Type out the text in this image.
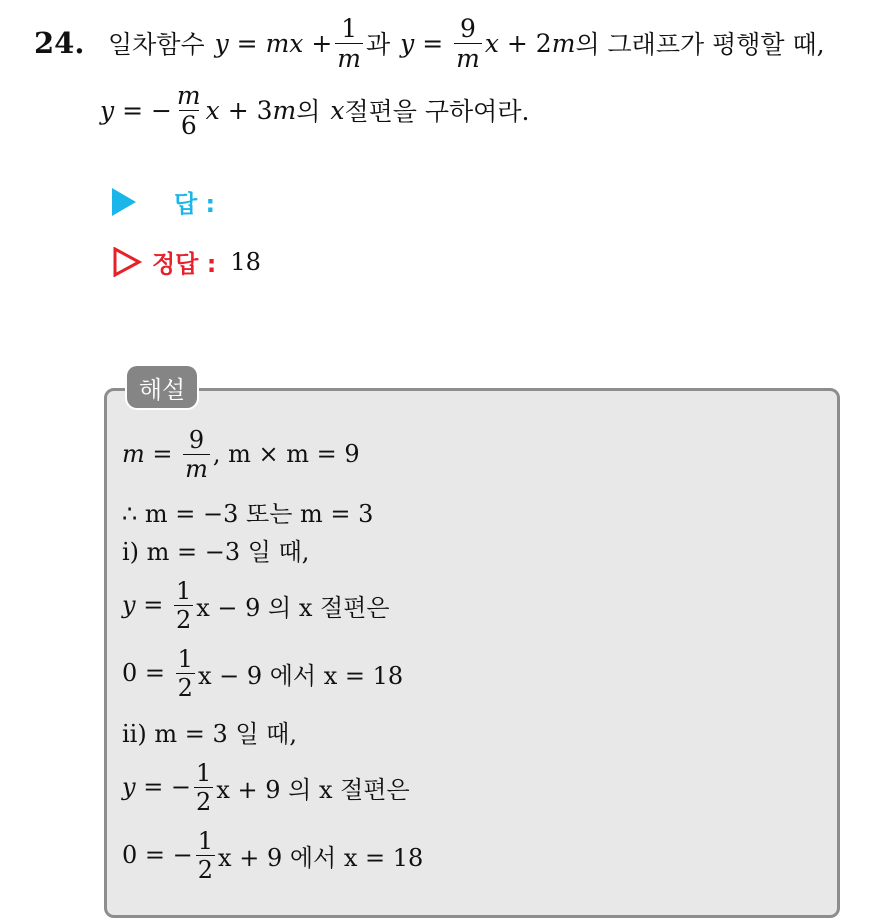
24. 일차함수 y = mx + $\frac{1}{m}$ 과 $y = \frac{9}{m}$ x + 2 m 의 그래프가 평행할 때,
y = − $\frac{m}{6}$ x + 3 m 의 x 절편을 구하여라.
답 :
정답 : 18
해설
$m = \frac{9}{m}$ , m × m = 9
∴ m = −3 또는 m = 3
i) m = −3 일 때,
$y = \frac{1}{2}$ x − 9 의 x 절편은
$0 = \frac{1}{2}$ x − 9 에서 x = 18
ii) m = 3 일 때,
y = − $\frac{1}{2}$ x + 9 의 x 절편은
0 = − $\frac{1}{2}$ x + 9 에서 x = 18
